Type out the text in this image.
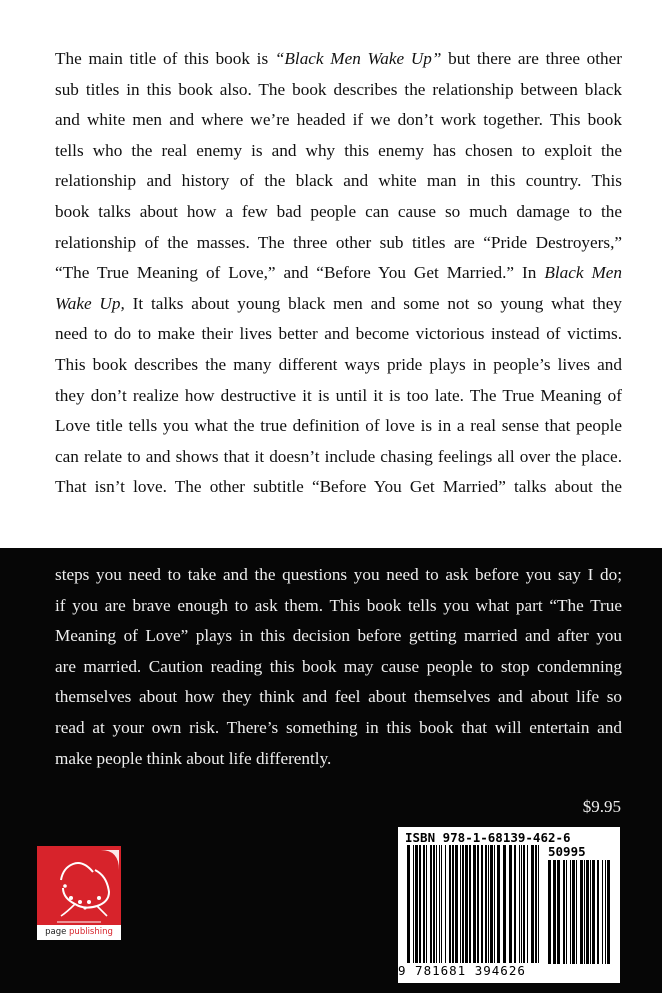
The main title of this book is “Black Men Wake Up” but there are three other
sub titles in this book also. The book describes the relationship between black
and white men and where we’re headed if we don’t work together. This book
tells who the real enemy is and why this enemy has chosen to exploit the
relationship and history of the black and white man in this country. This
book talks about how a few bad people can cause so much damage to the
relationship of the masses. The three other sub titles are “Pride Destroyers,”
“The True Meaning of Love,” and “Before You Get Married.” In Black Men
Wake Up, It talks about young black men and some not so young what they
need to do to make their lives better and become victorious instead of victims.
This book describes the many different ways pride plays in people’s lives and
they don’t realize how destructive it is until it is too late. The True Meaning of
Love title tells you what the true definition of love is in a real sense that people
can relate to and shows that it doesn’t include chasing feelings all over the place.
That isn’t love. The other subtitle “Before You Get Married” talks about the
steps you need to take and the questions you need to ask before you say I do;
if you are brave enough to ask them. This book tells you what part “The True
Meaning of Love” plays in this decision before getting married and after you
are married. Caution reading this book may cause people to stop condemning
themselves about how they think and feel about themselves and about life so
read at your own risk. There’s something in this book that will entertain and
make people think about life differently.
$9.95
page publishing
ISBN 978-1-68139-462-6
50995
9 781681 394626
